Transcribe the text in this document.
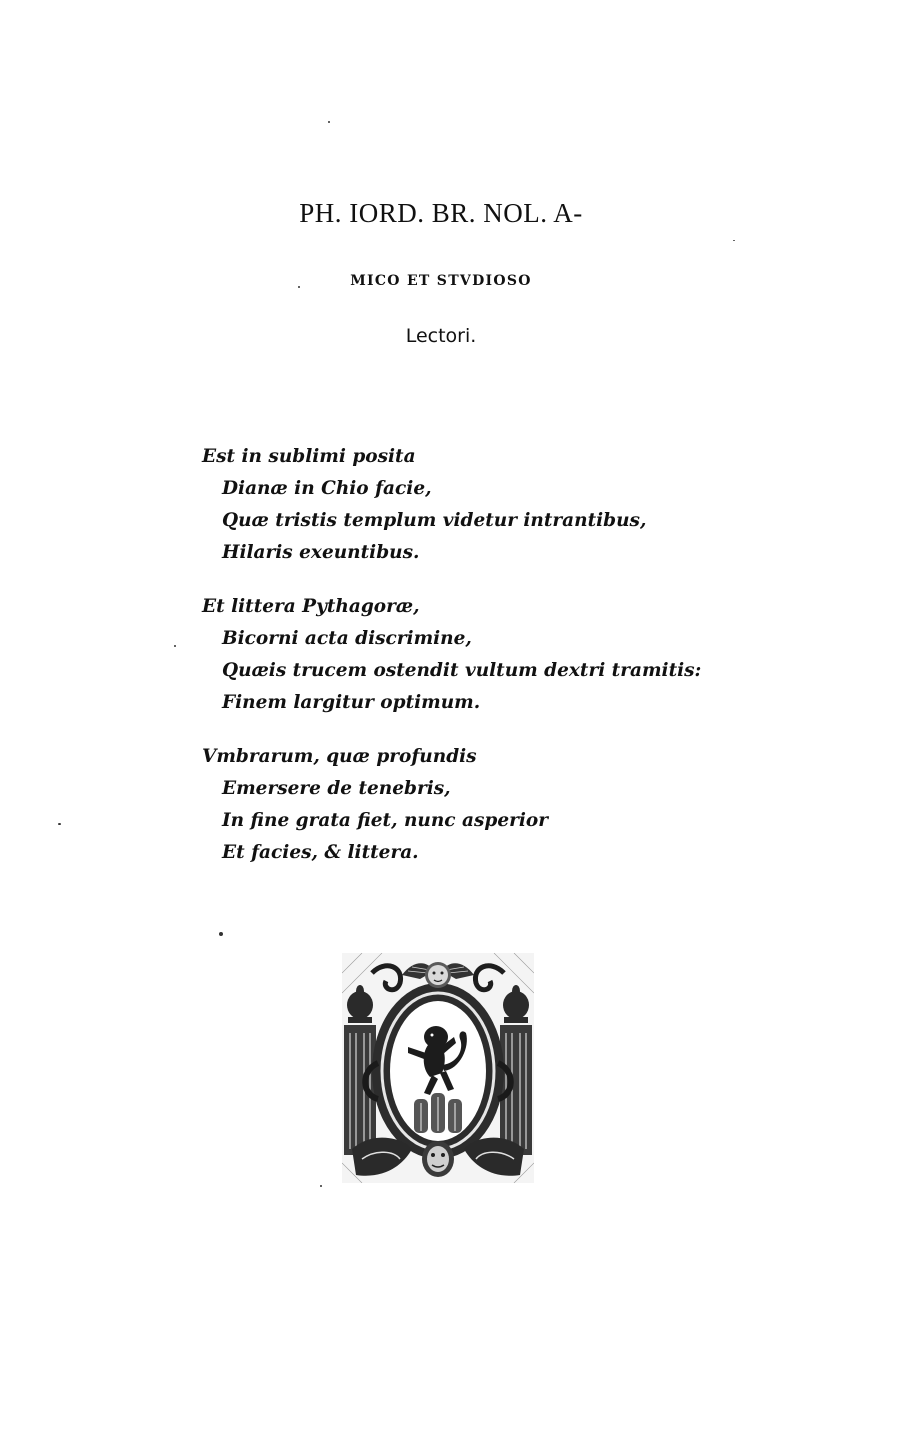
PH. IORD. BR. NOL. A-
MICO ET STVDIOSO
Lectori.
Est in sublimi posita
Dianæ in Chio facie,
Quæ tristis templum videtur intrantibus,
Hilaris exeuntibus.
Et littera Pythagoræ,
Bicorni acta discrimine,
Quæis trucem ostendit vultum dextri tramitis:
Finem largitur optimum.
Vmbrarum, quæ profundis
Emersere de tenebris,
In fine grata fiet, nunc asperior
Et facies, & littera.
